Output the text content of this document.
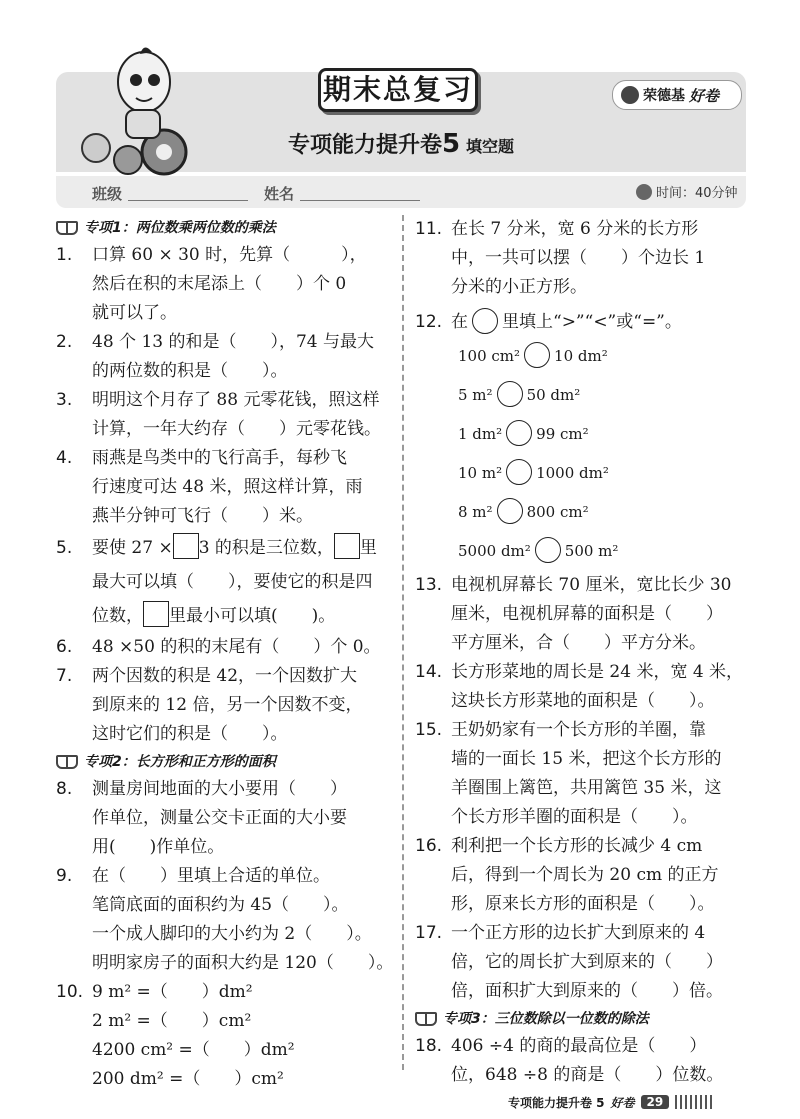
期末总复习	荣德基 好卷
专项能力提升卷5 填空题
班级	姓名	时间：40分钟
专项1：两位数乘两位数的乘法
1.	口算 60 × 30 时，先算（　　　），

然后在积的末尾添上（　　）个 0

就可以了。

2.	48 个 13 的和是（　　），74 与最大

的两位数的积是（　　）。

3.	明明这个月存了 88 元零花钱，照这样

计算，一年大约存（　　）元零花钱。

4.	雨燕是鸟类中的飞行高手，每秒飞

行速度可达 48 米，照这样计算，雨

燕半分钟可飞行（　　）米。

5.	要使 27 × 3 的积是三位数， 里

最大可以填（　　），要使它的积是四

位数， 里最小可以填(　　)。

6.	48 ×50 的积的末尾有（　　）个 0。

7.	两个因数的积是 42，一个因数扩大

到原来的 12 倍，另一个因数不变，

这时它们的积是（　　）。

专项2：长方形和正方形的面积
8.	测量房间地面的大小要用（　　）

作单位，测量公交卡正面的大小要

用(　　)作单位。

9.	在（　　）里填上合适的单位。

笔筒底面的面积约为 45（　　）。

一个成人脚印的大小约为 2（　　）。

明明家房子的面积大约是 120（　　）。

10. 9 m² =（　　）dm²

2 m² =（　　）cm²

4200 cm² =（　　）dm²

200 dm² =（　　）cm²

11. 在长 7 分米，宽 6 分米的长方形

中，一共可以摆（　　）个边长 1

分米的小正方形。

12. 在 里填上“>”“<”或“=”。

100 cm² 10 dm²
5 m² 50 dm²
1 dm² 99 cm²
10 m² 1000 dm²
8 m² 800 cm²
5000 dm² 500 m²
13. 电视机屏幕长 70 厘米，宽比长少 30

厘米，电视机屏幕的面积是（　　）

平方厘米，合（　　）平方分米。

14. 长方形菜地的周长是 24 米，宽 4 米，

这块长方形菜地的面积是（　　）。

15. 王奶奶家有一个长方形的羊圈，靠

墙的一面长 15 米，把这个长方形的

羊圈围上篱笆，共用篱笆 35 米，这

个长方形羊圈的面积是（　　）。

16. 利利把一个长方形的长减少 4 cm

后，得到一个周长为 20 cm 的正方

形，原来长方形的面积是（　　）。

17. 一个正方形的边长扩大到原来的 4

倍，它的周长扩大到原来的（　　）

倍，面积扩大到原来的（　　）倍。

专项3：三位数除以一位数的除法
18. 406 ÷4 的商的最高位是（　　）

位，648 ÷8 的商是（　　）位数。

专项能力提升卷 5 好卷	29
